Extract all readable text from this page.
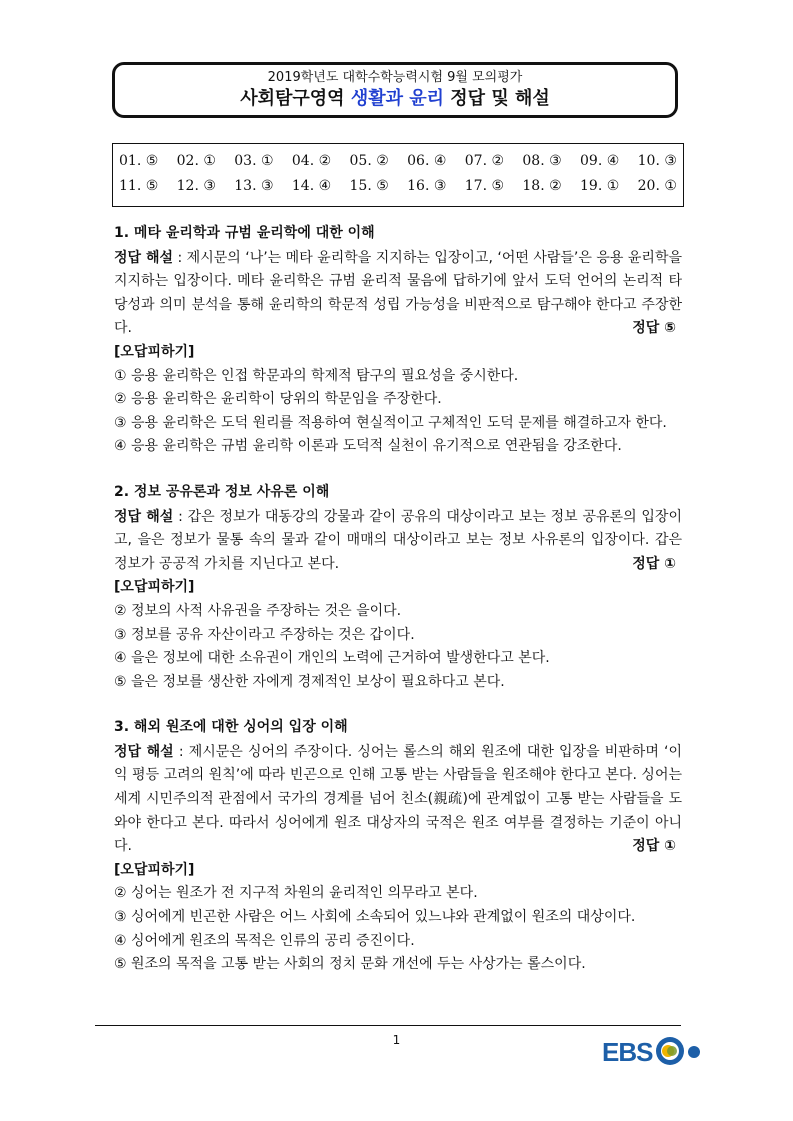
2019학년도 대학수학능력시험 9월 모의평가
사회탐구영역 생활과 윤리 정답 및 해설
01. ⑤ 02. ① 03. ① 04. ② 05. ② 06. ④ 07. ② 08. ③ 09. ④ 10. ③
11. ⑤ 12. ③ 13. ③ 14. ④ 15. ⑤ 16. ③ 17. ⑤ 18. ② 19. ① 20. ①
1. 메타 윤리학과 규범 윤리학에 대한 이해
정답 해설 : 제시문의 ‘나’는 메타 윤리학을 지지하는 입장이고, ‘어떤 사람들’은 응용 윤리학을 지지하는 입장이다. 메타 윤리학은 규범 윤리적 물음에 답하기에 앞서 도덕 언어의 논리적 타당성과 의미 분석을 통해 윤리학의 학문적 성립 가능성을 비판적으로 탐구해야 한다고 주장한다.	정답 ⑤
[오답피하기]
① 응용 윤리학은 인접 학문과의 학제적 탐구의 필요성을 중시한다.
② 응용 윤리학은 윤리학이 당위의 학문임을 주장한다.
③ 응용 윤리학은 도덕 원리를 적용하여 현실적이고 구체적인 도덕 문제를 해결하고자 한다.
④ 응용 윤리학은 규범 윤리학 이론과 도덕적 실천이 유기적으로 연관됨을 강조한다.
2. 정보 공유론과 정보 사유론 이해
정답 해설 : 갑은 정보가 대동강의 강물과 같이 공유의 대상이라고 보는 정보 공유론의 입장이고, 을은 정보가 물통 속의 물과 같이 매매의 대상이라고 보는 정보 사유론의 입장이다. 갑은 정보가 공공적 가치를 지닌다고 본다.	정답 ①
[오답피하기]
② 정보의 사적 사유권을 주장하는 것은 을이다.
③ 정보를 공유 자산이라고 주장하는 것은 갑이다.
④ 을은 정보에 대한 소유권이 개인의 노력에 근거하여 발생한다고 본다.
⑤ 을은 정보를 생산한 자에게 경제적인 보상이 필요하다고 본다.
3. 해외 원조에 대한 싱어의 입장 이해
정답 해설 : 제시문은 싱어의 주장이다. 싱어는 롤스의 해외 원조에 대한 입장을 비판하며 ‘이익 평등 고려의 원칙’에 따라 빈곤으로 인해 고통 받는 사람들을 원조해야 한다고 본다. 싱어는 세계 시민주의적 관점에서 국가의 경계를 넘어 친소(親疏)에 관계없이 고통 받는 사람들을 도와야 한다고 본다. 따라서 싱어에게 원조 대상자의 국적은 원조 여부를 결정하는 기준이 아니다.	정답 ①
[오답피하기]
② 싱어는 원조가 전 지구적 차원의 윤리적인 의무라고 본다.
③ 싱어에게 빈곤한 사람은 어느 사회에 소속되어 있느냐와 관계없이 원조의 대상이다.
④ 싱어에게 원조의 목적은 인류의 공리 증진이다.
⑤ 원조의 목적을 고통 받는 사회의 정치 문화 개선에 두는 사상가는 롤스이다.
1	EBS
